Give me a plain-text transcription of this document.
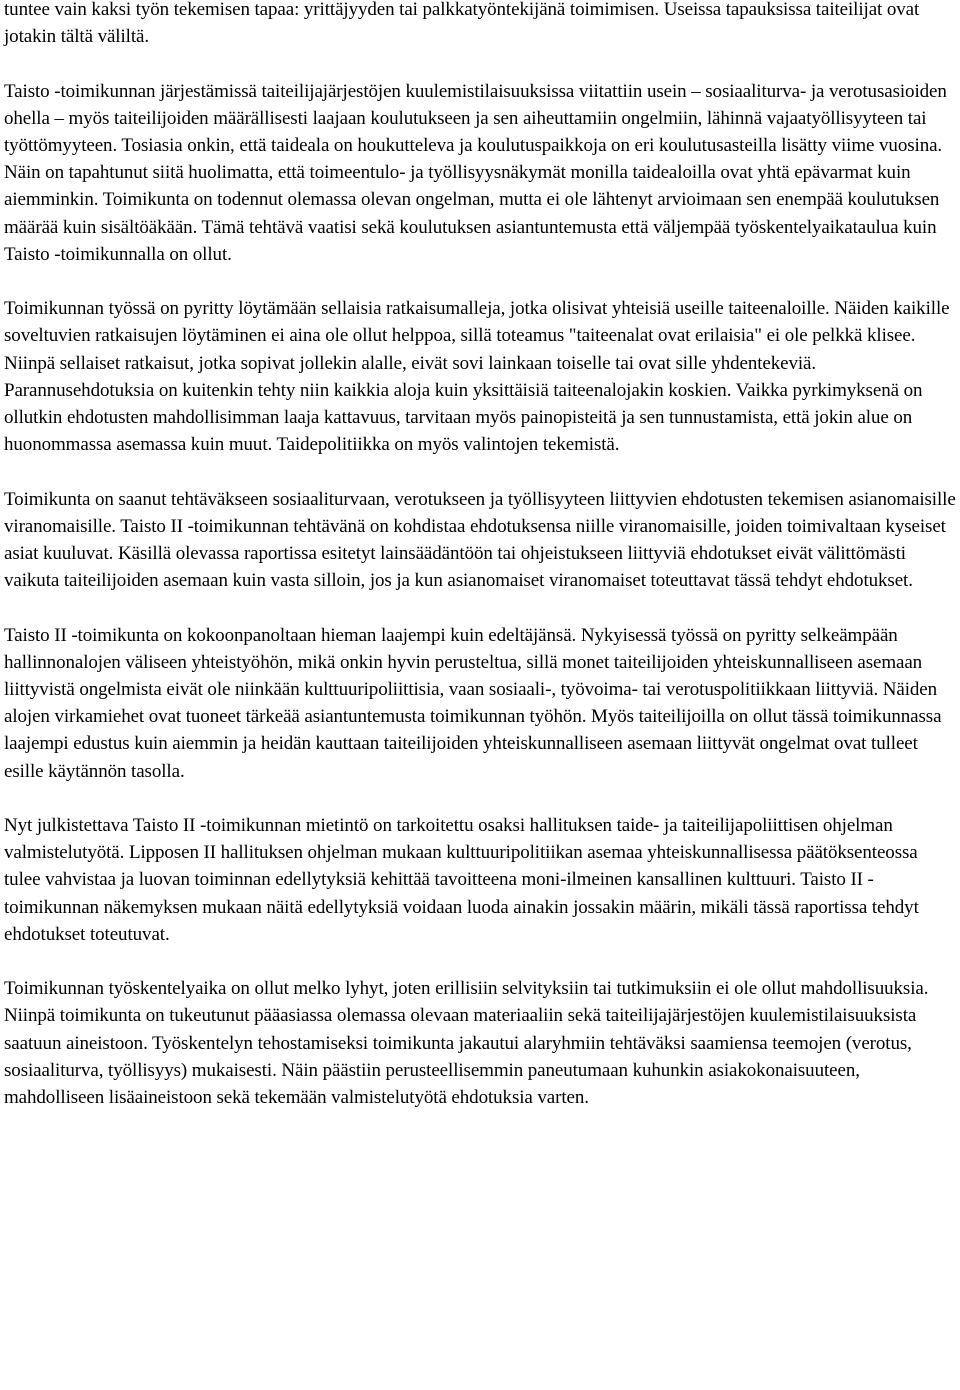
tuntee vain kaksi työn tekemisen tapaa: yrittäjyyden tai palkkatyöntekijänä toimimisen. Useissa tapauksissa taiteilijat ovat jotakin tältä väliltä.

Taisto -toimikunnan järjestämissä taiteilijajärjestöjen kuulemistilaisuuksissa viitattiin usein – sosiaaliturva- ja verotusasioiden ohella – myös taiteilijoiden määrällisesti laajaan koulutukseen ja sen aiheuttamiin ongelmiin, lähinnä vajaatyöllisyyteen tai työttömyyteen. Tosiasia onkin, että taideala on houkutteleva ja koulutuspaikkoja on eri koulutusasteilla lisätty viime vuosina. Näin on tapahtunut siitä huolimatta, että toimeentulo- ja työllisyysnäkymät monilla taidealoilla ovat yhtä epävarmat kuin aiemminkin. Toimikunta on todennut olemassa olevan ongelman, mutta ei ole lähtenyt arvioimaan sen enempää koulutuksen määrää kuin sisältöäkään. Tämä tehtävä vaatisi sekä koulutuksen asiantuntemusta että väljempää työskentelyaikataulua kuin Taisto -toimikunnalla on ollut.

Toimikunnan työssä on pyritty löytämään sellaisia ratkaisumalleja, jotka olisivat yhteisiä useille taiteenaloille. Näiden kaikille soveltuvien ratkaisujen löytäminen ei aina ole ollut helppoa, sillä toteamus "taiteenalat ovat erilaisia" ei ole pelkkä klisee. Niinpä sellaiset ratkaisut, jotka sopivat jollekin alalle, eivät sovi lainkaan toiselle tai ovat sille yhdentekeviä. Parannusehdotuksia on kuitenkin tehty niin kaikkia aloja kuin yksittäisiä taiteenalojakin koskien. Vaikka pyrkimyksenä on ollutkin ehdotusten mahdollisimman laaja kattavuus, tarvitaan myös painopisteitä ja sen tunnustamista, että jokin alue on huonommassa asemassa kuin muut. Taidepolitiikka on myös valintojen tekemistä.

Toimikunta on saanut tehtäväkseen sosiaaliturvaan, verotukseen ja työllisyyteen liittyvien ehdotusten tekemisen asianomaisille viranomaisille. Taisto II -toimikunnan tehtävänä on kohdistaa ehdotuksensa niille viranomaisille, joiden toimivaltaan kyseiset asiat kuuluvat. Käsillä olevassa raportissa esitetyt lainsäädäntöön tai ohjeistukseen liittyviä ehdotukset eivät välittömästi vaikuta taiteilijoiden asemaan kuin vasta silloin, jos ja kun asianomaiset viranomaiset toteuttavat tässä tehdyt ehdotukset.

Taisto II -toimikunta on kokoonpanoltaan hieman laajempi kuin edeltäjänsä. Nykyisessä työssä on pyritty selkeämpään hallinnonalojen väliseen yhteistyöhön, mikä onkin hyvin perusteltua, sillä monet taiteilijoiden yhteiskunnalliseen asemaan liittyvistä ongelmista eivät ole niinkään kulttuuripoliittisia, vaan sosiaali-, työvoima- tai verotuspolitiikkaan liittyviä. Näiden alojen virkamiehet ovat tuoneet tärkeää asiantuntemusta toimikunnan työhön. Myös taiteilijoilla on ollut tässä toimikunnassa laajempi edustus kuin aiemmin ja heidän kauttaan taiteilijoiden yhteiskunnalliseen asemaan liittyvät ongelmat ovat tulleet esille käytännön tasolla.

Nyt julkistettava Taisto II -toimikunnan mietintö on tarkoitettu osaksi hallituksen taide- ja taiteilijapoliittisen ohjelman valmistelutyötä. Lipposen II hallituksen ohjelman mukaan kulttuuripolitiikan asemaa yhteiskunnallisessa päätöksenteossa tulee vahvistaa ja luovan toiminnan edellytyksiä kehittää tavoitteena moni-ilmeinen kansallinen kulttuuri. Taisto II -toimikunnan näkemyksen mukaan näitä edellytyksiä voidaan luoda ainakin jossakin määrin, mikäli tässä raportissa tehdyt ehdotukset toteutuvat.

Toimikunnan työskentelyaika on ollut melko lyhyt, joten erillisiin selvityksiin tai tutkimuksiin ei ole ollut mahdollisuuksia. Niinpä toimikunta on tukeutunut pääasiassa olemassa olevaan materiaaliin sekä taiteilijajärjestöjen kuulemistilaisuuksista saatuun aineistoon. Työskentelyn tehostamiseksi toimikunta jakautui alaryhmiin tehtäväksi saamiensa teemojen (verotus, sosiaaliturva, työllisyys) mukaisesti. Näin päästiin perusteellisemmin paneutumaan kuhunkin asiakokonaisuuteen, mahdolliseen lisäaineistoon sekä tekemään valmistelutyötä ehdotuksia varten.
